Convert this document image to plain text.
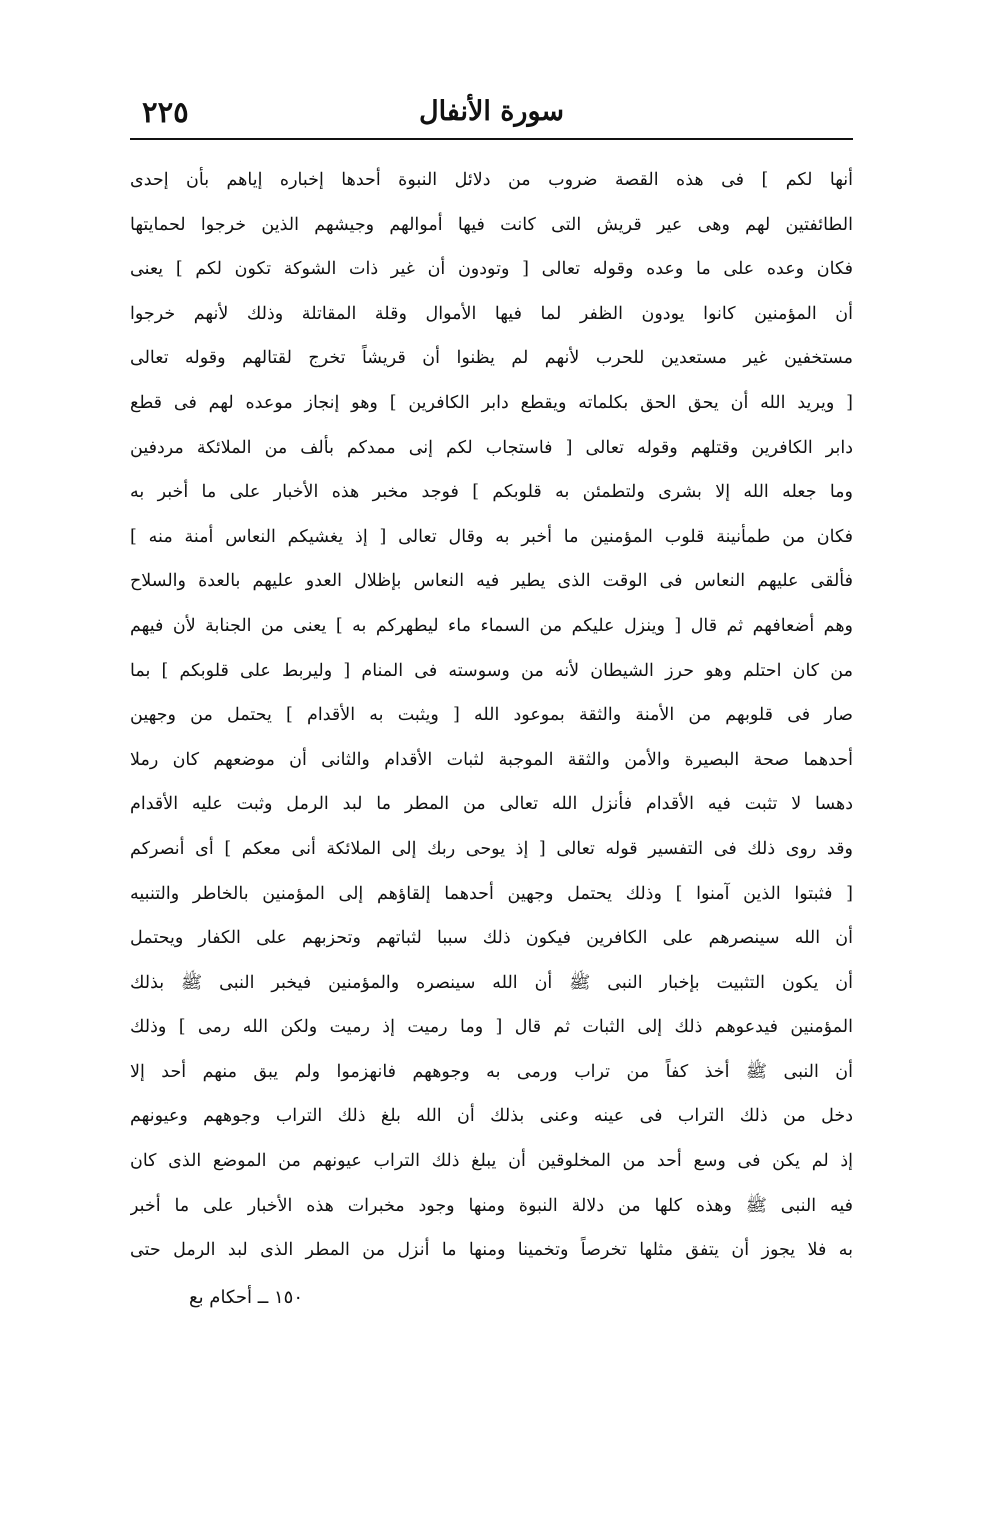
سورة الأنفال
٢٢٥
أنها لكم ] فى هذه القصة ضروب من دلائل النبوة أحدها إخباره إياهم بأن إحدى
الطائفتين لهم وهى عير قريش التى كانت فيها أموالهم وجيشهم الذين خرجوا لحمايتها
فكان وعده على ما وعده وقوله تعالى [ وتودون أن غير ذات الشوكة تكون لكم ] يعنى
أن المؤمنين كانوا يودون الظفر لما فيها الأموال وقلة المقاتلة وذلك لأنهم خرجوا
مستخفين غير مستعدين للحرب لأنهم لم يظنوا أن قريشاً تخرج لقتالهم وقوله تعالى
[ ويريد الله أن يحق الحق بكلماته ويقطع دابر الكافرين ] وهو إنجاز موعده لهم فى قطع
دابر الكافرين وقتلهم وقوله تعالى [ فاستجاب لكم إنى ممدكم بألف من الملائكة مردفين
وما جعله الله إلا بشرى ولتطمئن به قلوبكم ] فوجد مخبر هذه الأخبار على ما أخبر به
فكان من طمأنينة قلوب المؤمنين ما أخبر به وقال تعالى [ إذ يغشيكم النعاس أمنة منه ]
فألقى عليهم النعاس فى الوقت الذى يطير فيه النعاس بإظلال العدو عليهم بالعدة والسلاح
وهم أضعافهم ثم قال [ وينزل عليكم من السماء ماء ليطهركم به ] يعنى من الجنابة لأن فيهم
من كان احتلم وهو حرز الشيطان لأنه من وسوسته فى المنام [ وليربط على قلوبكم ] بما
صار فى قلوبهم من الأمنة والثقة بموعود الله [ ويثبت به الأقدام ] يحتمل من وجهين
أحدهما صحة البصيرة والأمن والثقة الموجبة لثبات الأقدام والثانى أن موضعهم كان رملا
دهسا لا تثبت فيه الأقدام فأنزل الله تعالى من المطر ما لبد الرمل وثبت عليه الأقدام
وقد روى ذلك فى التفسير قوله تعالى [ إذ يوحى ربك إلى الملائكة أنى معكم ] أى أنصركم
[ فثبتوا الذين آمنوا ] وذلك يحتمل وجهين أحدهما إلقاؤهم إلى المؤمنين بالخاطر والتنبيه
أن الله سينصرهم على الكافرين فيكون ذلك سببا لثباتهم وتحزبهم على الكفار ويحتمل
أن يكون التثبيت بإخبار النبى ﷺ أن الله سينصره والمؤمنين فيخبر النبى ﷺ بذلك
المؤمنين فيدعوهم ذلك إلى الثبات ثم قال [ وما رميت إذ رميت ولكن الله رمى ] وذلك
أن النبى ﷺ أخذ كفاً من تراب ورمى به وجوههم فانهزموا ولم يبق منهم أحد إلا
دخل من ذلك التراب فى عينه وعنى بذلك أن الله بلغ ذلك التراب وجوههم وعيونهم
إذ لم يكن فى وسع أحد من المخلوقين أن يبلغ ذلك التراب عيونهم من الموضع الذى كان
فيه النبى ﷺ وهذه كلها من دلالة النبوة ومنها وجود مخبرات هذه الأخبار على ما أخبر
به فلا يجوز أن يتفق مثلها تخرصاً وتخمينا ومنها ما أنزل من المطر الذى لبد الرمل حتى
١٥٠ ــ أحكام بع
